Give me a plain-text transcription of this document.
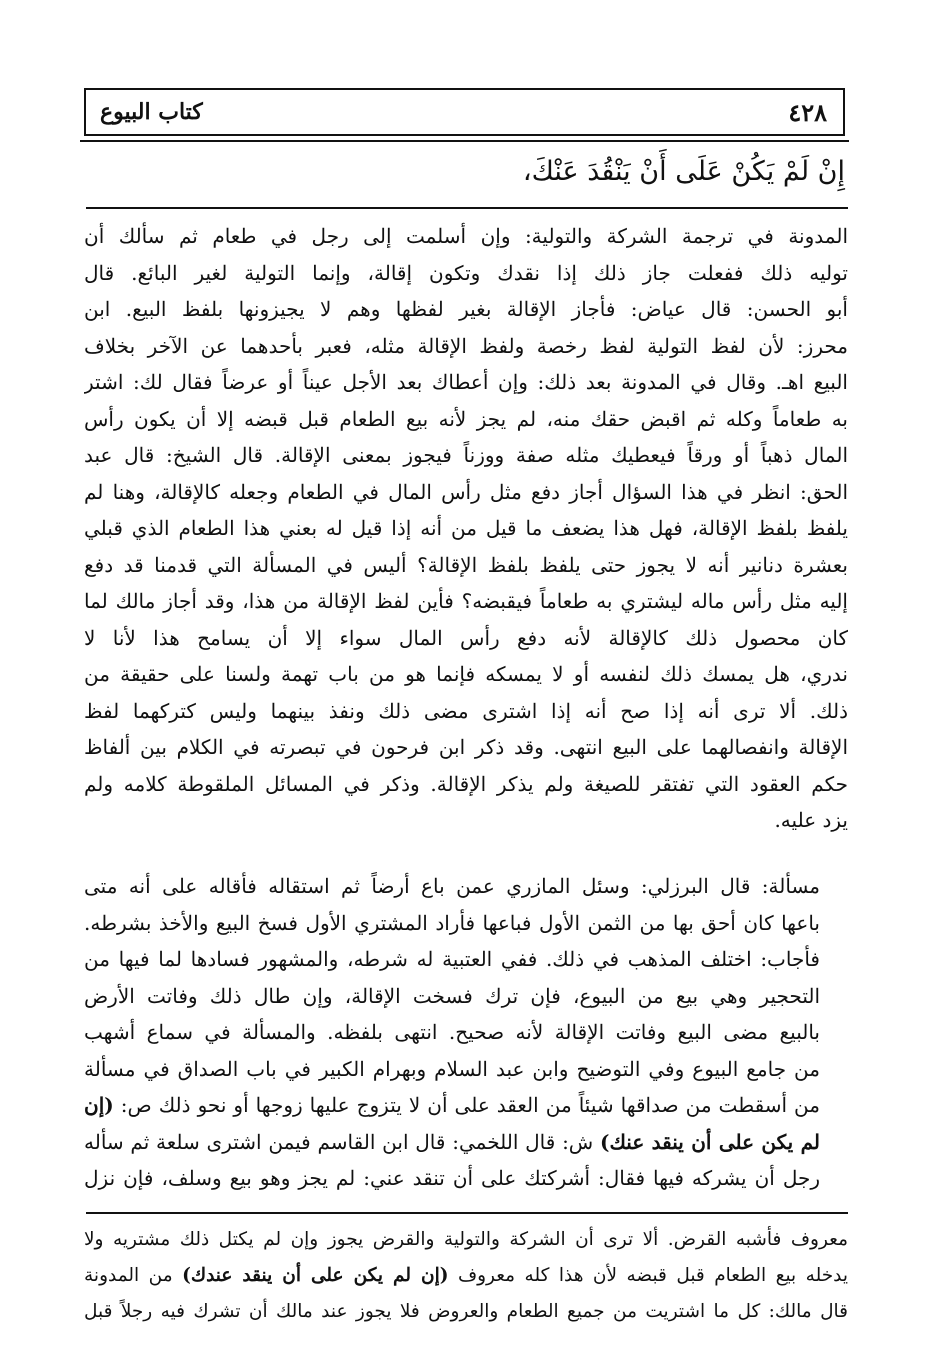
٤٢٨
كتاب البيوع
إِنْ لَمْ يَكُنْ عَلَى أَنْ يَنْقُدَ عَنْكَ،
المدونة في ترجمة الشركة والتولية: وإن أسلمت إلى رجل في طعام ثم سألك أن
توليه ذلك ففعلت جاز ذلك إذا نقدك وتكون إقالة، وإنما التولية لغير البائع. قال
أبو الحسن: قال عياض: فأجاز الإقالة بغير لفظها وهم لا يجيزونها بلفظ البيع. ابن
محرز: لأن لفظ التولية لفظ رخصة ولفظ الإقالة مثله، فعبر بأحدهما عن الآخر بخلاف
البيع اهـ. وقال في المدونة بعد ذلك: وإن أعطاك بعد الأجل عيناً أو عرضاً فقال لك: اشتر
به طعاماً وكله ثم اقبض حقك منه، لم يجز لأنه بيع الطعام قبل قبضه إلا أن يكون رأس
المال ذهباً أو ورقاً فيعطيك مثله صفة ووزناً فيجوز بمعنى الإقالة. قال الشيخ: قال عبد
الحق: انظر في هذا السؤال أجاز دفع مثل رأس المال في الطعام وجعله كالإقالة، وهنا لم
يلفظ بلفظ الإقالة، فهل هذا يضعف ما قيل من أنه إذا قيل له بعني هذا الطعام الذي قبلي
بعشرة دنانير أنه لا يجوز حتى يلفظ بلفظ الإقالة؟ أليس في المسألة التي قدمنا قد دفع
إليه مثل رأس ماله ليشتري به طعاماً فيقبضه؟ فأين لفظ الإقالة من هذا، وقد أجاز مالك لما
كان محصول ذلك كالإقالة لأنه دفع رأس المال سواء إلا أن يسامح هذا لأنا لا
ندري، هل يمسك ذلك لنفسه أو لا يمسكه فإنما هو من باب تهمة ولسنا على حقيقة من
ذلك. ألا ترى أنه إذا صح أنه إذا اشترى مضى ذلك ونفذ بينهما وليس كتركهما لفظ
الإقالة وانفصالهما على البيع انتهى. وقد ذكر ابن فرحون في تبصرته في الكلام بين ألفاظ
حكم العقود التي تفتقر للصيغة ولم يذكر الإقالة. وذكر في المسائل الملقوطة كلامه ولم
يزد عليه.
مسألة: قال البرزلي: وسئل المازري عمن باع أرضاً ثم استقاله فأقاله على أنه متى
باعها كان أحق بها من الثمن الأول فباعها فأراد المشتري الأول فسخ البيع والأخذ بشرطه.
فأجاب: اختلف المذهب في ذلك. ففي العتبية له شرطه، والمشهور فسادها لما فيها من
التحجير وهي بيع من البيوع، فإن ترك فسخت الإقالة، وإن طال ذلك وفاتت الأرض
بالبيع مضى البيع وفاتت الإقالة لأنه صحيح. انتهى بلفظه. والمسألة في سماع أشهب
من جامع البيوع وفي التوضيح وابن عبد السلام وبهرام الكبير في باب الصداق في مسألة
من أسقطت من صداقها شيئاً من العقد على أن لا يتزوج عليها زوجها أو نحو ذلك ص: (إن
لم يكن على أن ينقد عنك) ش: قال اللخمي: قال ابن القاسم فيمن اشترى سلعة ثم سأله
رجل أن يشركه فيها فقال: أشركتك على أن تنقد عني: لم يجز وهو بيع وسلف، فإن نزل
معروف فأشبه القرض. ألا ترى أن الشركة والتولية والقرض يجوز وإن لم يكتل ذلك مشتريه ولا
يدخله بيع الطعام قبل قبضه لأن هذا كله معروف (إن لم يكن على أن ينقد عندك) من المدونة
قال مالك: كل ما اشتريت من جميع الطعام والعروض فلا يجوز عند مالك أن تشرك فيه رجلاً قبل
